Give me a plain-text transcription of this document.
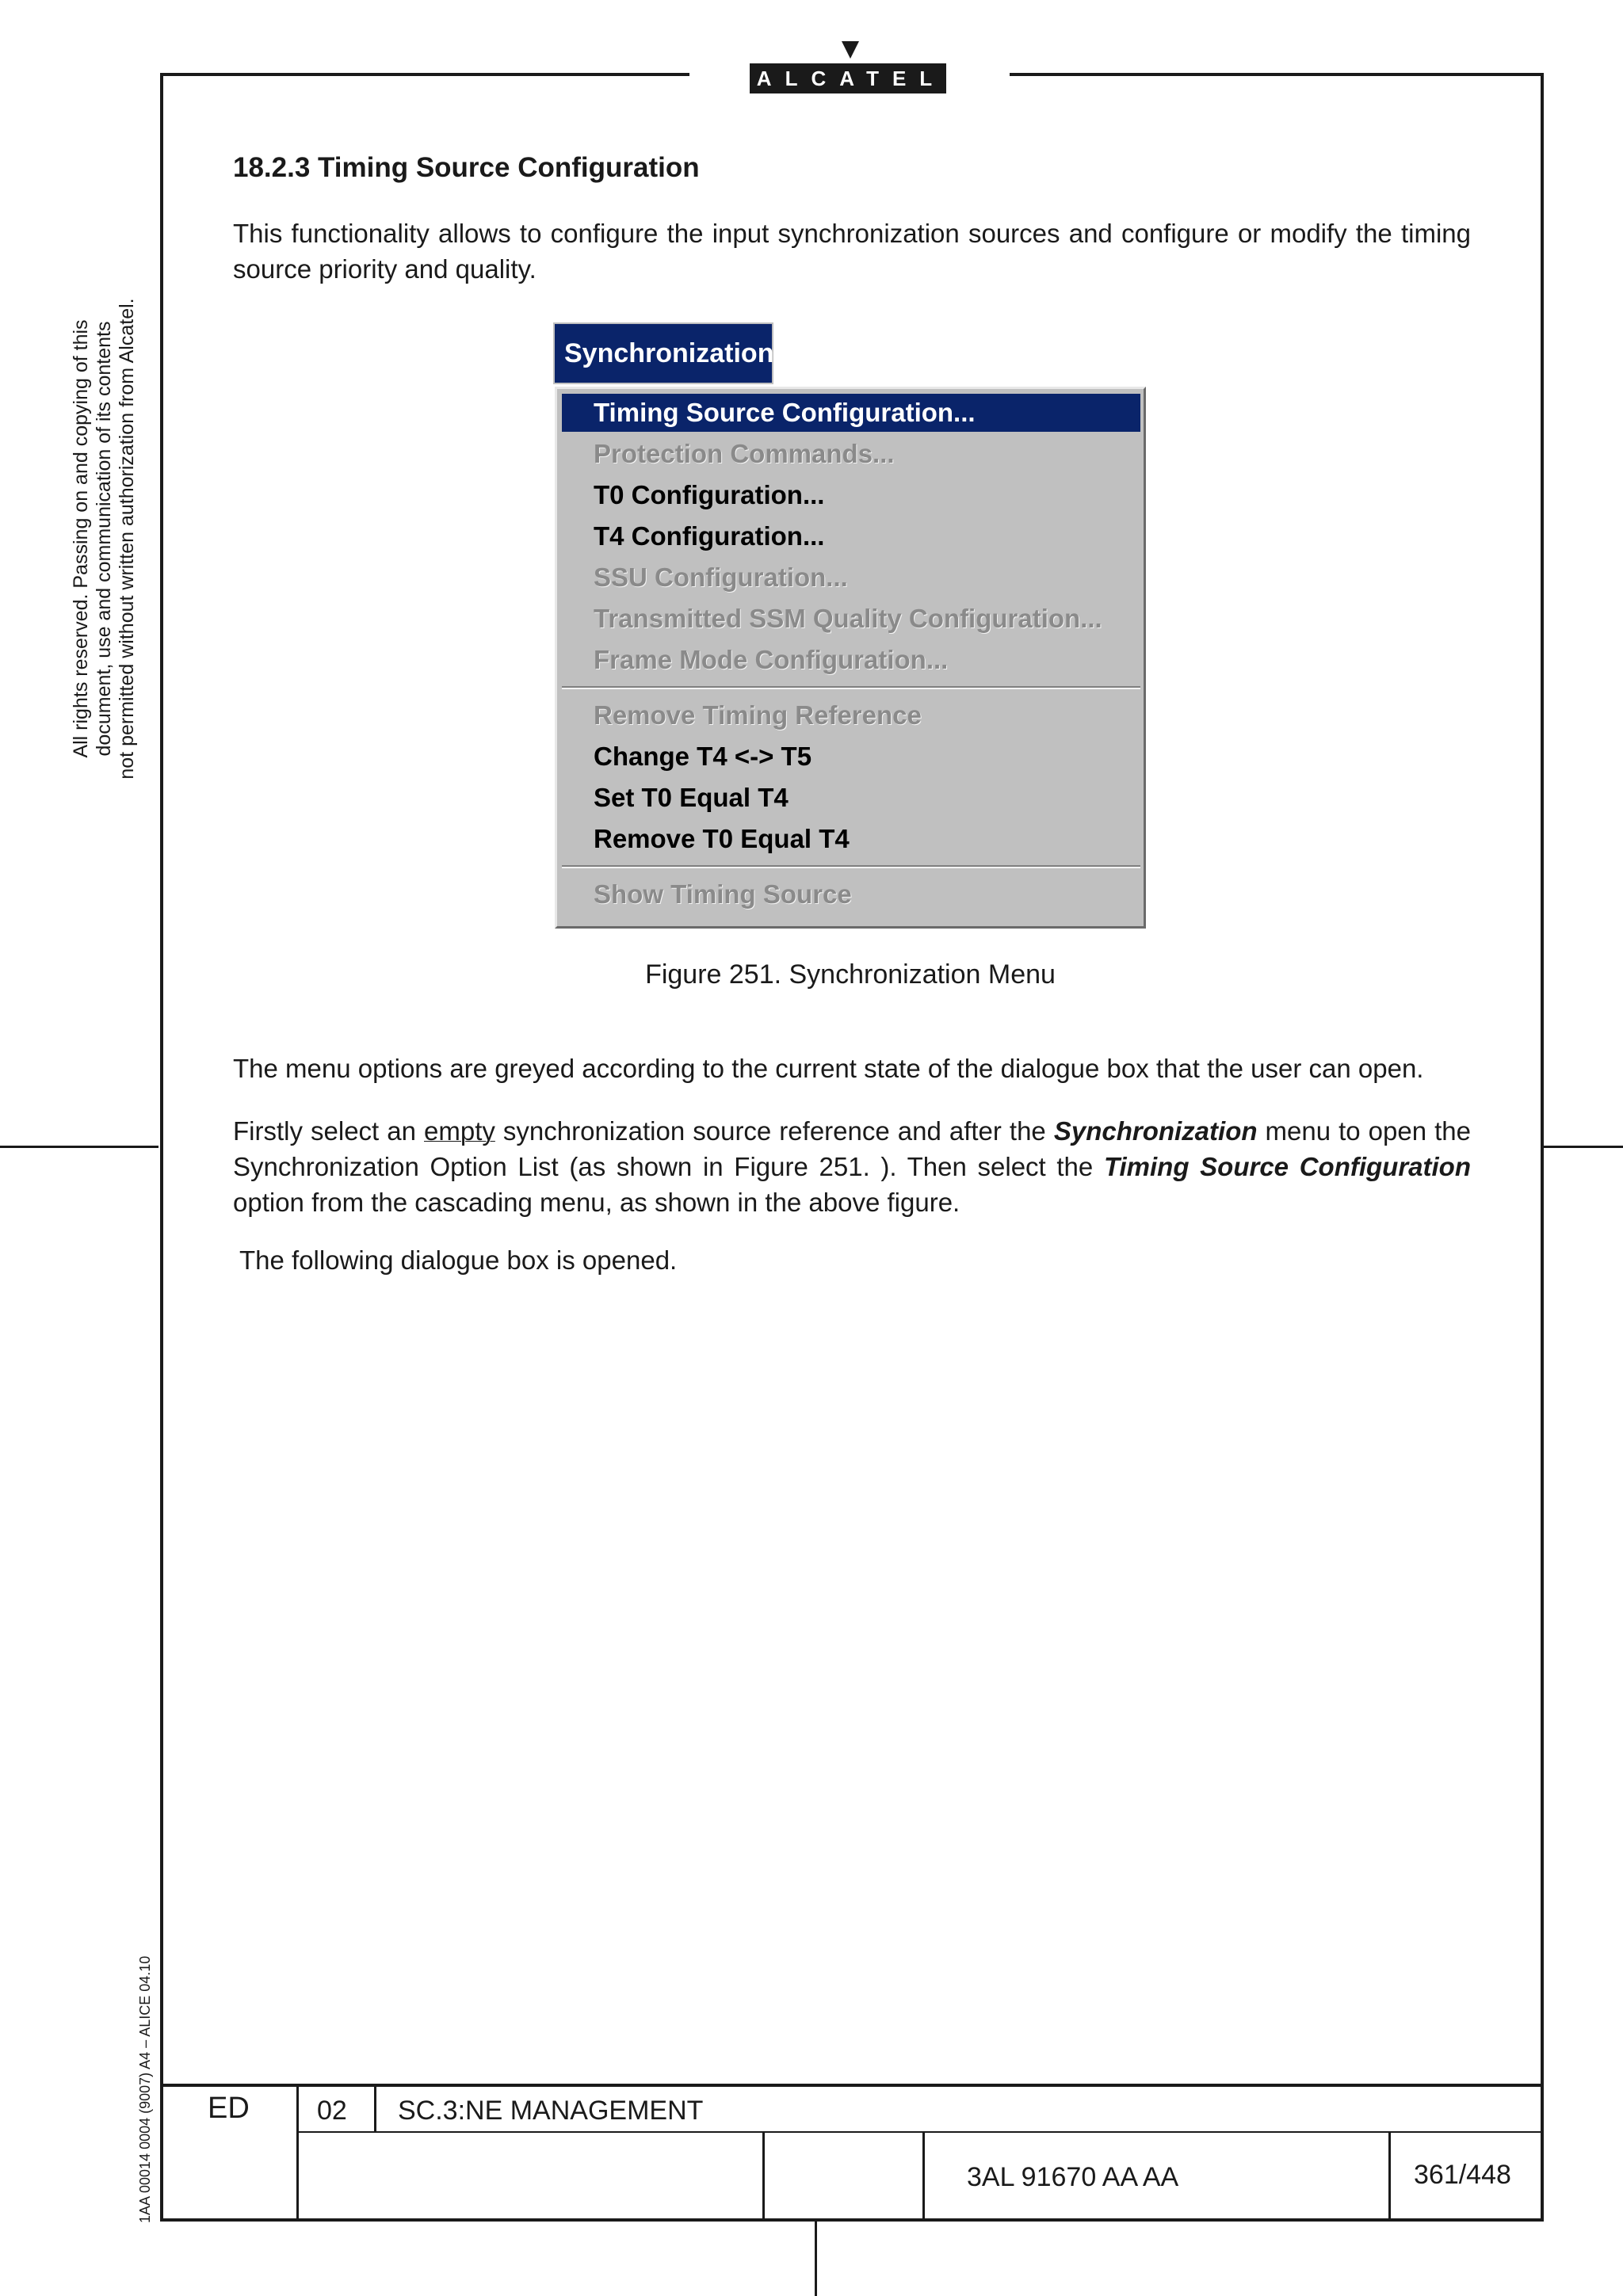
ALCATEL
All rights reserved. Passing on and copying of this document, use and communication of its contents not permitted without written authorization from Alcatel.
1AA 00014 0004 (9007) A4 – ALICE 04.10
18.2.3 Timing Source Configuration
This functionality allows to configure the input synchronization sources and configure or modify the timing source priority and quality.
Synchronization
Timing Source Configuration...
Protection Commands...
T0 Configuration...
T4 Configuration...
SSU Configuration...
Transmitted SSM Quality Configuration...
Frame Mode Configuration...
Remove Timing Reference
Change T4 <-> T5
Set T0 Equal T4
Remove T0 Equal T4
Show Timing Source
Figure 251. Synchronization Menu
The menu options are greyed according to the current state of the dialogue box that the user can open.
Firstly select an empty synchronization source reference and after the Synchronization menu to open the Synchronization Option List (as shown in Figure 251. ). Then select the Timing Source Configuration option from the cascading menu, as shown in the above figure.
The following dialogue box is opened.
ED	02 SC.3:NE MANAGEMENT
3AL 91670 AA AA	361/448
